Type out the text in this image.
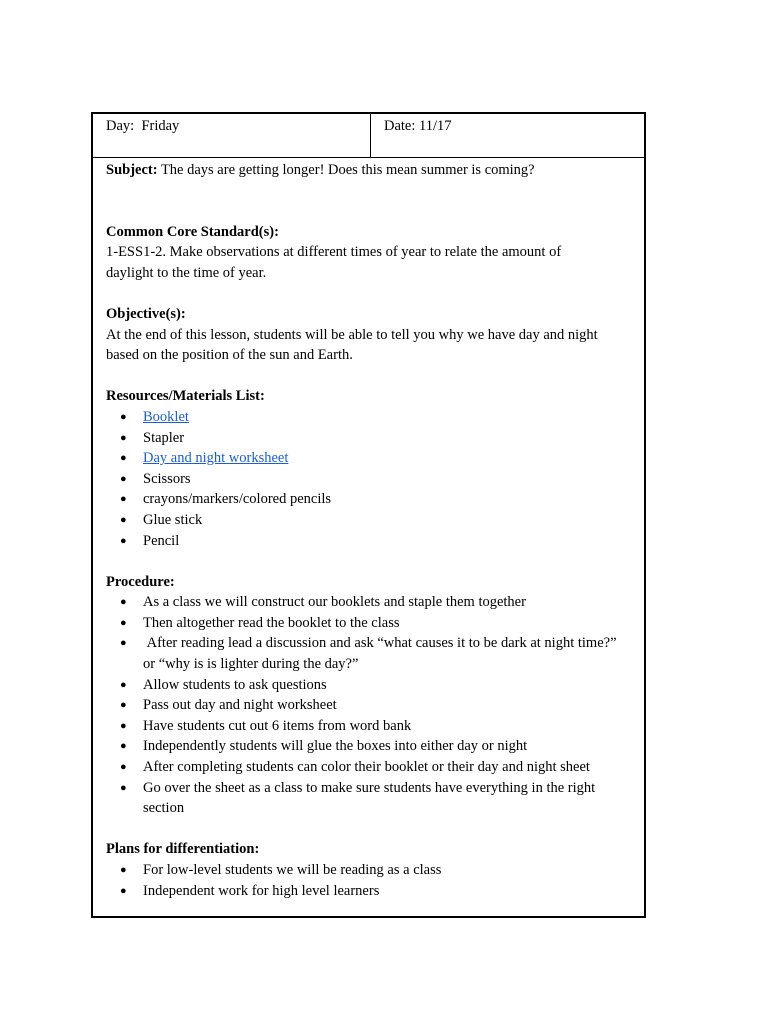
Day: Friday	Date: 11/17
Subject: The days are getting longer! Does this mean summer is coming?
Common Core Standard(s):
1-ESS1-2. Make observations at different times of year to relate the amount of
daylight to the time of year.
Objective(s):
At the end of this lesson, students will be able to tell you why we have day and night
based on the position of the sun and Earth.
Resources/Materials List:
● Booklet
● Stapler
● Day and night worksheet
● Scissors
● crayons/markers/colored pencils
● Glue stick
● Pencil
Procedure:
● As a class we will construct our booklets and staple them together
● Then altogether read the booklet to the class
●  After reading lead a discussion and ask “what causes it to be dark at night time?” or “why is is lighter during the day?”
● Allow students to ask questions
● Pass out day and night worksheet
● Have students cut out 6 items from word bank
● Independently students will glue the boxes into either day or night
● After completing students can color their booklet or their day and night sheet
● Go over the sheet as a class to make sure students have everything in the right section
Plans for differentiation:
● For low-level students we will be reading as a class
● Independent work for high level learners
